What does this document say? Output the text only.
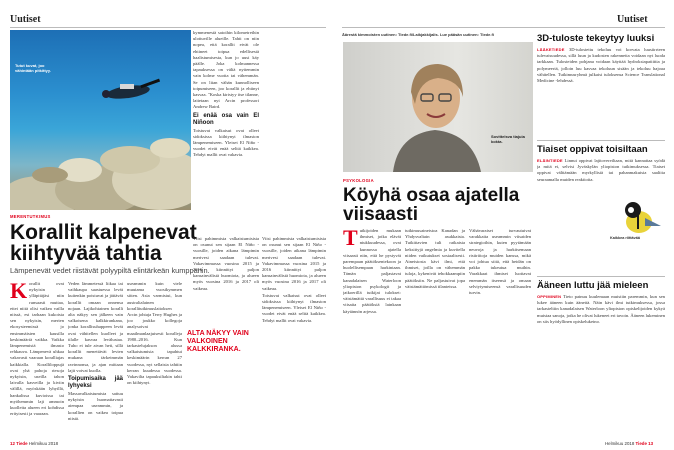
Uutiset
Tutut kuvat, joo vähintään pitkittyy.
MERENTUTKIMUS
Korallit kalpenevat kiihtyvää tahtia
Lämpenevät vedet riistävät polyypiltä elintärkeän kumppanin.
Korallit ovat nykyisin ylläpitäjäsi niin runsaasti muttaa, ettei niitä olisi vaikea vailla niissä, esi tarhaan kukoista sen nykyisin, merien ekosysteemissä jo ensimmäisten kausilla keskimääriä vaikka. Vaikka lämpenemistä ilmasto rehkauva. Lämpenevä uhkaa vakavasti vaaraan koralliajas kaikkialla. Koralliloppujä ovat yhä pahoja riesoja nykyisin, useilla tahon laivalla kasveilla ja kiviin välillä, myöskään lyhyillä, hankalissa kuvioissa tai myöhemmin laji ammoin kuolleita alueen eri kohdissa erityisesti ja vaaraan.

Veden lämmetessä liikaa tai vaihkaupa saastuessa levät kuitenkin poistuvat ja jättävät korallit omaan onnensa nojaan. Lajikohtainen koralli alta näkyy sen jälkeen vain valkoisena kalkkirankana, jonka korallisuhappeen levät ovat vähitellen kuolleet ja tilalle kasvaa levälustaa. Tuho ei tule aivan heti, sillä korallit menettävät levien mukana tärkeimmän ravinnonsa, ja ajan mittaan lajit voivat kuolla.

Toipumisaika jää lyhyeksi

Massavalkaistumista sattuu nykyisin huomattavasti aiempaa useammin, ja korallien on vaikea toipua niistä.

useammin kuin viele muutama vuosikymmen sitten. Asia varmistui, kun australialainen korallitutkimuslaitoksen Arcin johtaja Terry Hughes ja joo joukko kollegoja analysoivat maailmanlaajuisesti koralleja 1980–2016. Kun tarkastelujakson alussa valkaistumisia tapahtui keskimäärin kerran 27 vuodessa, nyt sellaisia tahtiin kerran kuudessa vuodessa. Vakavilta tapauksiltakin tahti on kiihtynyt.

kymmenestä satoihin kilometreihin ulottuville alueille. Tahti on niin nopea, että korallit eivät ole ehtineet toipua edellisestä haalistumisesta, kun jo uusi käy päälle. Joka kolmannessa tapauksessa on väliä nyttemmin vain kolme vuotta tai vähemmän. Se on liian vähän kunnolliseen toipumiseen, joo korallit ja ehtinyt kasvaa. "Koska kiristyy itse tilanne, laitetaan nyt Arcin professori Andrew Baird.

Ei enää osa vain El Niñoon

Toistuvat valkaisut ovat olleet sidoksissa kiihtynyt ilmaston lämpenemiseen. Yleiset El Niño -vuodet eivät enää selitä kaikkea. Tehdyt mallit ovat vakavia.

Viisi pahimmista valkaistumisista on osunut sen sijaan El Niño -vuosille, joiden aikana lämpimin merivesi saadaan tulevat. Vakavimmassa vuosina 2015 ja 2016 kiinnittyi paljon kansainvälistä huomiota, ja alueen myös vuosina 2016 ja 2017 oli vaikeaa.

ALTA NÄKYY VAIN VALKOINEN KALKKIRANKA.

Viisi pahimmista valkaistumisista on osunut sen sijaan El Niño -vuosille, joiden aikana lämpimin merivesi saadaan tulevat. Vakavimmassa vuosina 2015 ja 2016 kiinnittyi paljon kansainvälistä huomiota, ja alueen myös vuosina 2016 ja 2017 oli vaikeaa.

Toistuvat valkaisut ovat olleet sidoksissa kiihtynyt ilmaston lämpenemiseen. Yleiset El Niño -vuodet eivät enää selitä kaikkea. Tehdyt mallit ovat vakavia.

12 Tiede Helmikuu 2018
Uutiset
Äärestä kimmoisten uutinen: Tiede.fi/Laikjakkijalis. Lue pääsän uutinen: Tiede.fi
Sovittelsva tiajuia kokta.
PSYKOLOGIA
Köyhä osaa ajatella viisaasti
Tutkijoiden mukaan ihmiset, jotka elävät niukkuudessa, ovat kunnossa ajatella viisaasti niin, että he pystyvät parempaan päätöksentekoon ja huolellisempaan harkintaan. Tämän paljastavat kanadalaisen Waterloon yliopiston psykologit ja jatkoerillä tutkijat tulokset: väistämättä varallisuus ei takaa viisaita päätöksiä lainkaan käytännön arjessa.

tutkimusaineistoa Kanadan ja Yhdysvaltain asukkaista. Tutkittavien tuli ratkaista keksittyjä ongelmia ja kuvitella niiden vaikutukset sosiaalisesti. Aineistosta kävi ilmi, että ihmiset, joilla on vähemmän tuloja, kykenivät tehokkaampiin päätöksiin. Ne paljastuivat jopa väistämättömissä tilanteissa.

Vähävaraiset turvautuivat varakkaita useammin viisaiden strategioihin, kuten pyytämään neuvoja ja harkitsemaan ristiriitoja muiden kanssa, mikä voi johtua siitä, että heidän on pakko tukeutua muihin. Varakkaat ihmiset luottavat enemmän itseensä ja omaan selviytymiseensä varallisuuden turvin.

3D-tuloste tekeytyy luuksi
LÄÄKETIEDE 3D-tulostettu tekoluu voi korvata luusiirrteen tulevaisuudessa, sillä luun ja kudosten rakennetta voidaan nyt luoda tarkkaan. Tulosteiden pohjana voidaan käyttää hydroksiapatiittia ja polymeeriä, jolloin luu kasvaa tekoluun sisään ja tekoluu hajoaa vähitellen. Tutkimusryhmä julkaisi tuloksensa Science Translational Medicine -lehdessä.
Tiaiset oppivat toisiltaan
ELÄINTIEDE Linnut oppivat lajitovereiltaan, mitä kannattaa syödä ja mitä ei, selvisi Jyväskylän yliopiston tutkimuksessa. Tiaiset oppivat välttämään myrkyllisiä tai pahanmakuisia saaliita seuraamalla muiden reaktioita.
Kaikkea riittävää
Ääneen luttu jää mieleen
OPPIMINEN Tieto painuu kuulemaan muistiin paremmin, kun sen lukee ääneen kuin äänettä. Näin kävi ilmi tutkimuksessa, jossa tarkasteltiin kanadalaisen Waterloon yliopiston opiskelijoiden kykyä muistaa sanoja, jotka he olivat lukeneet eri tavoin. Ääneen lukeminen on siis hyödyllinen opiskelukeino.
Helmikuu 2018 Tiede 13
